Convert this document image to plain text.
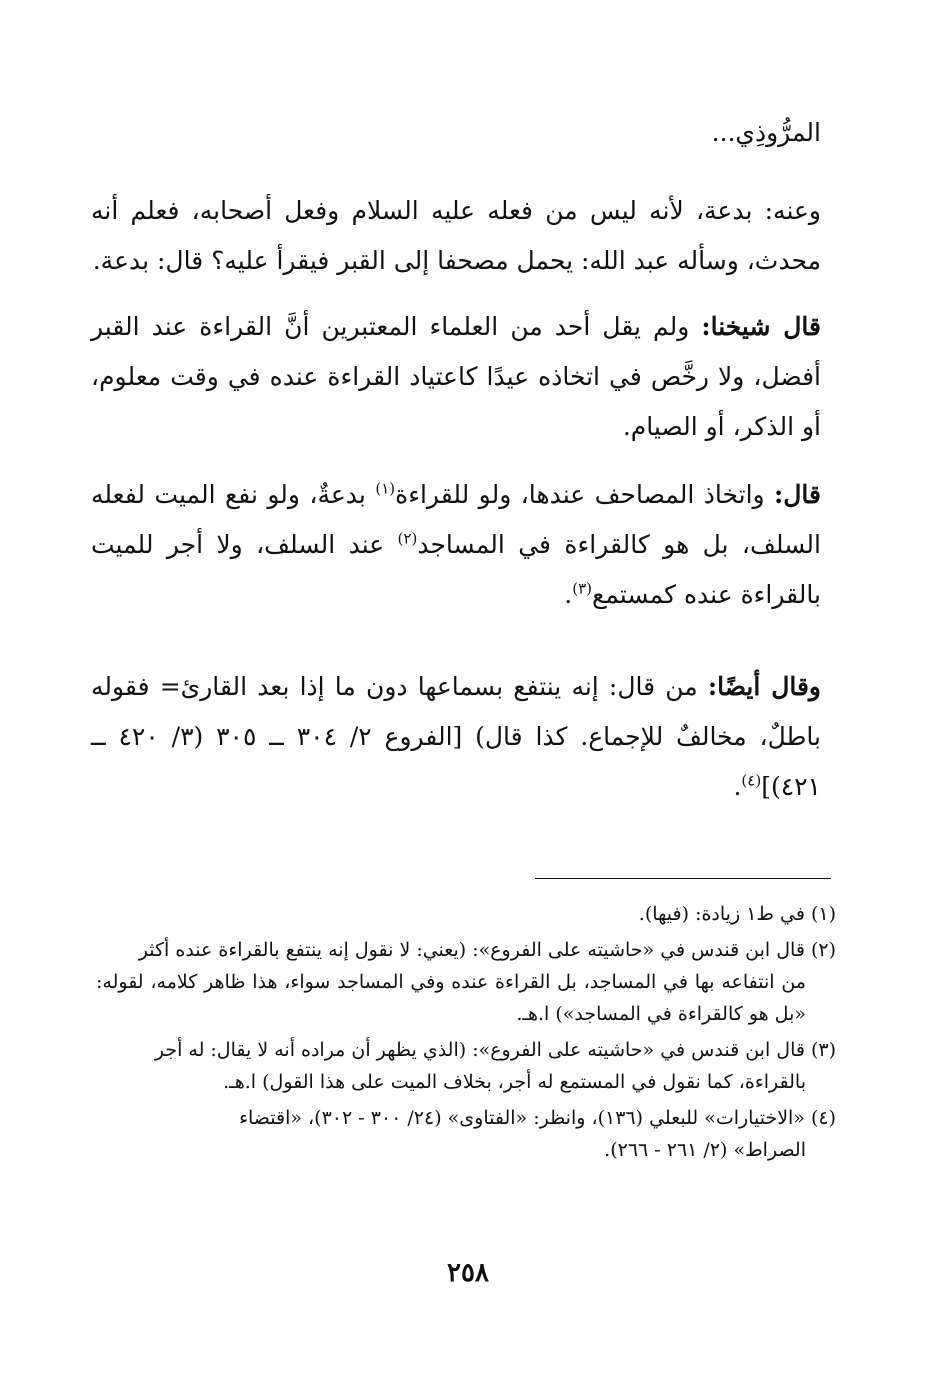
المرُّوذِي...
وعنه: بدعة، لأنه ليس من فعله عليه السلام وفعل أصحابه، فعلم أنه محدث، وسأله عبد الله: يحمل مصحفا إلى القبر فيقرأ عليه؟ قال: بدعة.
قال شيخنا: ولم يقل أحد من العلماء المعتبرين أنَّ القراءة عند القبر أفضل، ولا رخَّص في اتخاذه عيدًا كاعتياد القراءة عنده في وقت معلوم، أو الذكر، أو الصيام.
قال: واتخاذ المصاحف عندها، ولو للقراءة$^{(١)}$ بدعةٌ، ولو نفع الميت لفعله السلف، بل هو كالقراءة في المساجد$^{(٢)}$ عند السلف، ولا أجر للميت بالقراءة عنده كمستمع$^{(٣)}$.
وقال أيضًا: من قال: إنه ينتفع بسماعها دون ما إذا بعد القارئ= فقوله باطلٌ، مخالفٌ للإجماع. كذا قال) [الفروع ٢/ ٣٠٤ ــ ٣٠٥ (٣/ ٤٢٠ ــ ٤٢١)]$^{(٤)}$.
(١)في ط١ زيادة: (فيها).
(٢)قال ابن قندس في «حاشيته على الفروع»: (يعني: لا نقول إنه ينتفع بالقراءة عنده أكثر
من انتفاعه بها في المساجد، بل القراءة عنده وفي المساجد سواء، هذا ظاهر كلامه، لقوله: «بل هو كالقراءة في المساجد») ا.هـ.
(٣)قال ابن قندس في «حاشيته على الفروع»: (الذي يظهر أن مراده أنه لا يقال: له أجر
بالقراءة، كما نقول في المستمع له أجر، بخلاف الميت على هذا القول) ا.هـ.
(٤)«الاختيارات» للبعلي (١٣٦)، وانظر: «الفتاوى» (٢٤/ ٣٠٠ - ٣٠٢)، «اقتضاء
الصراط» (٢/ ٢٦١ - ٢٦٦).
٢٥٨
